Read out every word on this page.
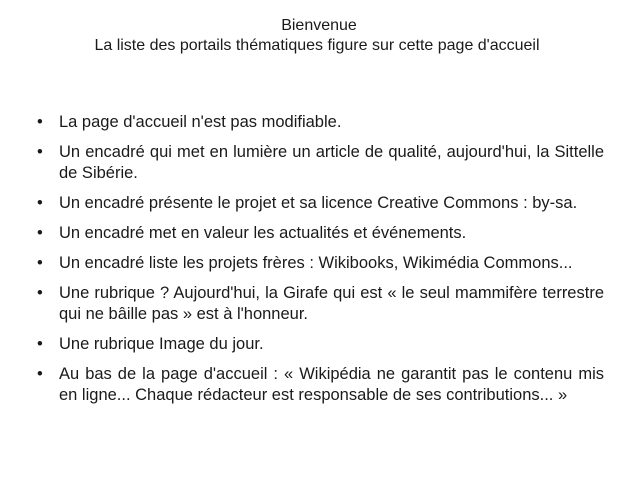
Bienvenue
La liste des portails thématiques figure sur cette page d'accueil
• La page d'accueil n'est pas modifiable.
• Un encadré qui met en lumière un article de qualité, aujourd'hui, la Sittelle de Sibérie.
• Un encadré présente le projet et sa licence Creative Commons : by-sa.
• Un encadré met en valeur les actualités et événements.
• Un encadré liste les projets frères : Wikibooks, Wikimédia Commons...
• Une rubrique ? Aujourd'hui, la Girafe qui est « le seul mammifère terrestre qui ne bâille pas » est à l'honneur.
• Une rubrique Image du jour.
• Au bas de la page d'accueil : « Wikipédia ne garantit pas le contenu mis en ligne... Chaque rédacteur est responsable de ses contributions... »
